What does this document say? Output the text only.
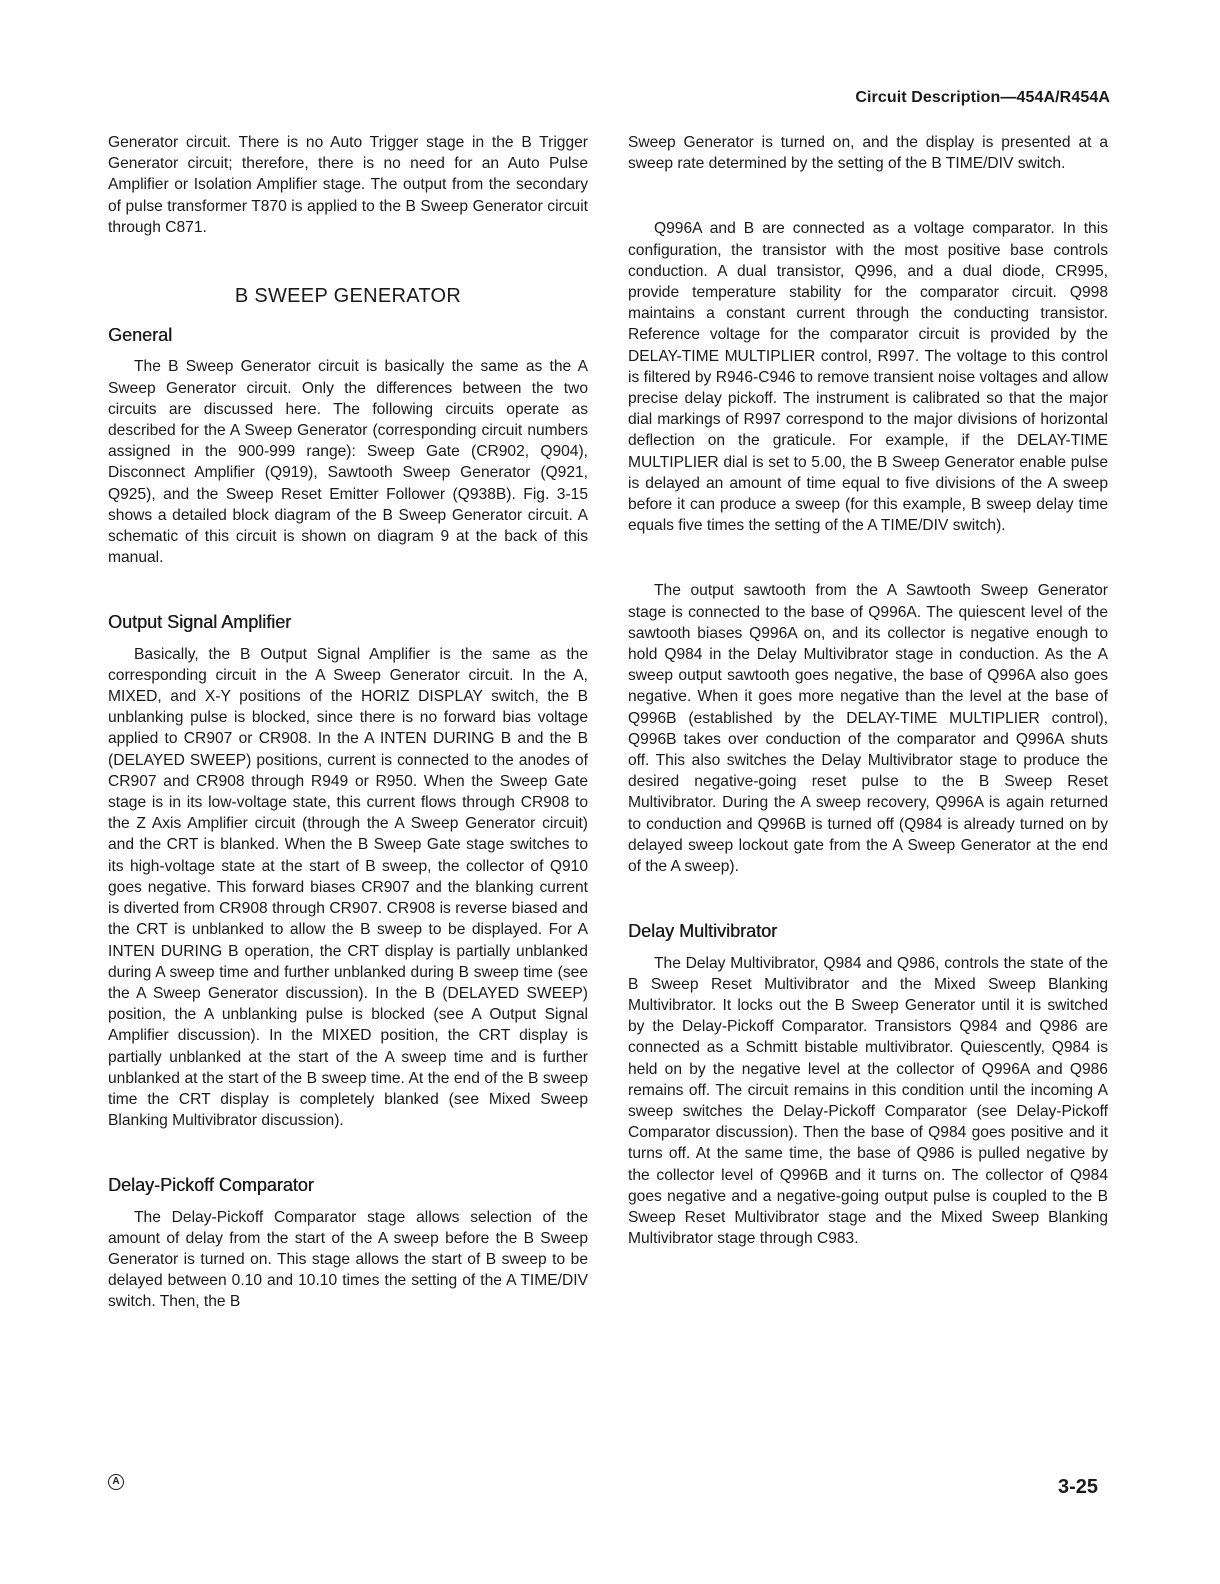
Circuit Description—454A/R454A

Generator circuit. There is no Auto Trigger stage in the B Trigger Generator circuit; therefore, there is no need for an Auto Pulse Amplifier or Isolation Amplifier stage. The output from the secondary of pulse transformer T870 is applied to the B Sweep Generator circuit through C871.

B SWEEP GENERATOR
General

The B Sweep Generator circuit is basically the same as the A Sweep Generator circuit. Only the differences between the two circuits are discussed here. The following circuits operate as described for the A Sweep Generator (corresponding circuit numbers assigned in the 900-999 range): Sweep Gate (CR902, Q904), Disconnect Amplifier (Q919), Sawtooth Sweep Generator (Q921, Q925), and the Sweep Reset Emitter Follower (Q938B). Fig. 3-15 shows a detailed block diagram of the B Sweep Generator circuit. A schematic of this circuit is shown on diagram 9 at the back of this manual.

Output Signal Amplifier

Basically, the B Output Signal Amplifier is the same as the corresponding circuit in the A Sweep Generator circuit. In the A, MIXED, and X-Y positions of the HORIZ DISPLAY switch, the B unblanking pulse is blocked, since there is no forward bias voltage applied to CR907 or CR908. In the A INTEN DURING B and the B (DELAYED SWEEP) positions, current is connected to the anodes of CR907 and CR908 through R949 or R950. When the Sweep Gate stage is in its low-voltage state, this current flows through CR908 to the Z Axis Amplifier circuit (through the A Sweep Generator circuit) and the CRT is blanked. When the B Sweep Gate stage switches to its high-voltage state at the start of B sweep, the collector of Q910 goes negative. This forward biases CR907 and the blanking current is diverted from CR908 through CR907. CR908 is reverse biased and the CRT is unblanked to allow the B sweep to be displayed. For A INTEN DURING B operation, the CRT display is partially unblanked during A sweep time and further unblanked during B sweep time (see the A Sweep Generator discussion). In the B (DELAYED SWEEP) position, the A unblanking pulse is blocked (see A Output Signal Amplifier discussion). In the MIXED position, the CRT display is partially unblanked at the start of the A sweep time and is further unblanked at the start of the B sweep time. At the end of the B sweep time the CRT display is completely blanked (see Mixed Sweep Blanking Multivibrator discussion).

Delay-Pickoff Comparator

The Delay-Pickoff Comparator stage allows selection of the amount of delay from the start of the A sweep before the B Sweep Generator is turned on. This stage allows the start of B sweep to be delayed between 0.10 and 10.10 times the setting of the A TIME/DIV switch. Then, the B

Sweep Generator is turned on, and the display is presented at a sweep rate determined by the setting of the B TIME/DIV switch.

Q996A and B are connected as a voltage comparator. In this configuration, the transistor with the most positive base controls conduction. A dual transistor, Q996, and a dual diode, CR995, provide temperature stability for the comparator circuit. Q998 maintains a constant current through the conducting transistor. Reference voltage for the comparator circuit is provided by the DELAY-TIME MULTIPLIER control, R997. The voltage to this control is filtered by R946-C946 to remove transient noise voltages and allow precise delay pickoff. The instrument is calibrated so that the major dial markings of R997 correspond to the major divisions of horizontal deflection on the graticule. For example, if the DELAY-TIME MULTIPLIER dial is set to 5.00, the B Sweep Generator enable pulse is delayed an amount of time equal to five divisions of the A sweep before it can produce a sweep (for this example, B sweep delay time equals five times the setting of the A TIME/DIV switch).

The output sawtooth from the A Sawtooth Sweep Generator stage is connected to the base of Q996A. The quiescent level of the sawtooth biases Q996A on, and its collector is negative enough to hold Q984 in the Delay Multivibrator stage in conduction. As the A sweep output sawtooth goes negative, the base of Q996A also goes negative. When it goes more negative than the level at the base of Q996B (established by the DELAY-TIME MULTIPLIER control), Q996B takes over conduction of the comparator and Q996A shuts off. This also switches the Delay Multivibrator stage to produce the desired negative-going reset pulse to the B Sweep Reset Multivibrator. During the A sweep recovery, Q996A is again returned to conduction and Q996B is turned off (Q984 is already turned on by delayed sweep lockout gate from the A Sweep Generator at the end of the A sweep).

Delay Multivibrator

The Delay Multivibrator, Q984 and Q986, controls the state of the B Sweep Reset Multivibrator and the Mixed Sweep Blanking Multivibrator. It locks out the B Sweep Generator until it is switched by the Delay-Pickoff Comparator. Transistors Q984 and Q986 are connected as a Schmitt bistable multivibrator. Quiescently, Q984 is held on by the negative level at the collector of Q996A and Q986 remains off. The circuit remains in this condition until the incoming A sweep switches the Delay-Pickoff Comparator (see Delay-Pickoff Comparator discussion). Then the base of Q984 goes positive and it turns off. At the same time, the base of Q986 is pulled negative by the collector level of Q996B and it turns on. The collector of Q984 goes negative and a negative-going output pulse is coupled to the B Sweep Reset Multivibrator stage and the Mixed Sweep Blanking Multivibrator stage through C983.

A	3-25
